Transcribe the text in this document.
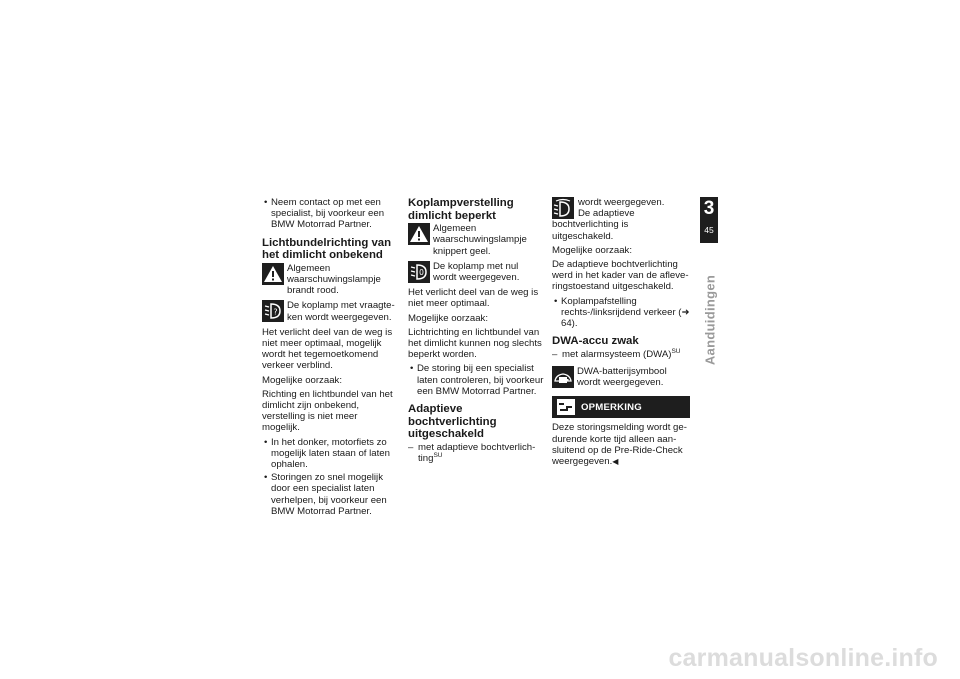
• Neem contact op met een specialist, bij voorkeur een BMW Motorrad Partner.

Lichtbundelrichting van het dimlicht onbekend
Algemeen waarschuwingslampje brandt rood.
?
De koplamp met vraagteken wordt weergegeven.

Het verlicht deel van de weg is niet meer optimaal, mogelijk wordt het tegemoetkomend verkeer verblind.

Mogelijke oorzaak:

Richting en lichtbundel van het dimlicht zijn onbekend, verstelling is niet meer mogelijk.

• In het donker, motorfiets zo mogelijk laten staan of laten ophalen.

• Storingen zo snel mogelijk door een specialist laten verhelpen, bij voorkeur een BMW Motorrad Partner.

Koplampverstelling dimlicht beperkt
Algemeen waarschuwingslampje knippert geel.
0
De koplamp met nul wordt weergegeven.

Het verlicht deel van de weg is niet meer optimaal.

Mogelijke oorzaak:

Lichtrichting en lichtbundel van het dimlicht kunnen nog slechts beperkt worden.

• De storing bij een specialist laten controleren, bij voorkeur een BMW Motorrad Partner.

Adaptieve bochtverlichting uitgeschakeld

– met adaptieve bochtverlichting$^{SU}$

wordt weergegeven.
De adaptieve bochtverlichting is uitgeschakeld.

Mogelijke oorzaak:

De adaptieve bochtverlichting werd in het kader van de afleveringstoestand uitgeschakeld.

• Koplampafstelling rechts-/linksrijdend verkeer (➜ 64).

DWA-accu zwak

– met alarmsysteem (DWA)$^{SU}$

DWA-batterijsymbool wordt weergegeven.
OPMERKING

Deze storingsmelding wordt gedurende korte tijd alleen aansluitend op de Pre-Ride-Check weergegeven.◀

3
45
Aanduidingen
carmanualsonline.info
